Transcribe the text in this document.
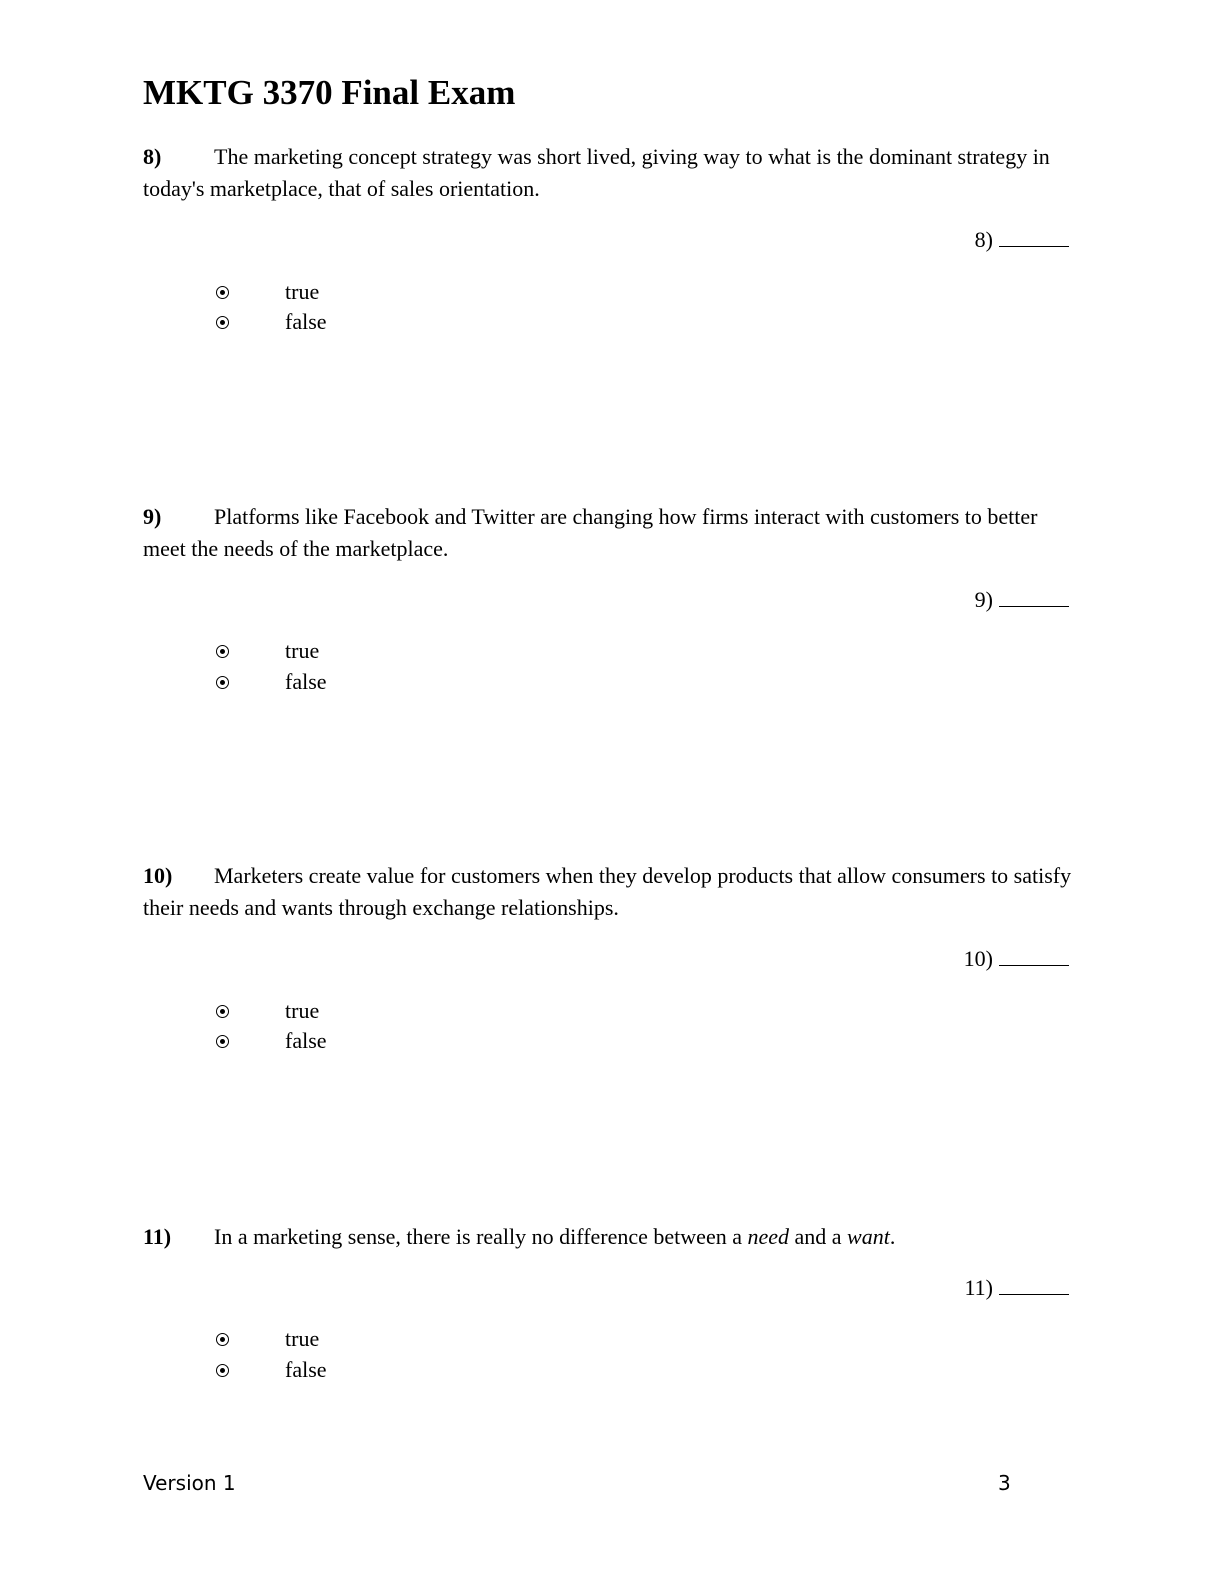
MKTG 3370 Final Exam
8) The marketing concept strategy was short lived, giving way to what is the dominant strategy in today's marketplace, that of sales orientation.
8)
true
false
9) Platforms like Facebook and Twitter are changing how firms interact with customers to better meet the needs of the marketplace.
9)
true
false
10) Marketers create value for customers when they develop products that allow consumers to satisfy their needs and wants through exchange relationships.
10)
true
false
11) In a marketing sense, there is really no difference between a need and a want.
11)
true
false
Version 1	3
